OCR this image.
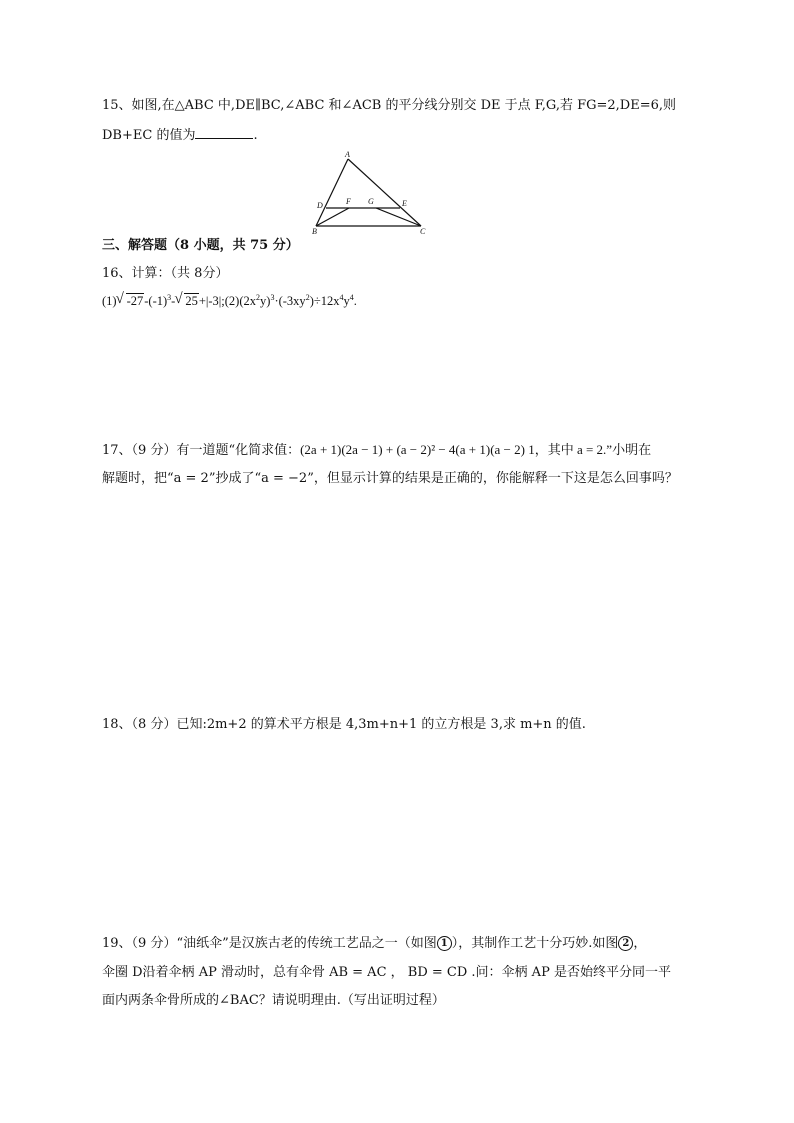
15、如图,在△ABC 中,DE∥BC,∠ABC 和∠ACB 的平分线分别交 DE 于点 F,G,若 FG=2,DE=6,则
DB+EC 的值为	.
A
D	F G	E
B	C
三、解答题（8 小题，共 75 分）
16、计算：（共 8分）
(1)√ $-27-(-1)^3-√$ $25+|-3|;(2)(2x^2y)^3\cdot(-3xy^2)\div 12x^4y^4$.
17、（9 分）有一道题“化简求值：(2a + 1)(2a − 1) + (a − 2)² − 4(a + 1)(a − 2) 1，其中 a = 2.”小明在
解题时，把“a = 2”抄成了“a = −2”，但显示计算的结果是正确的，你能解释一下这是怎么回事吗？
18、（8 分）已知:2m+2 的算术平方根是 4,3m+n+1 的立方根是 3,求 m+n 的值.
19、（9 分）“油纸伞”是汉族古老的传统工艺品之一（如图 1 ），其制作工艺十分巧妙.如图 2 ，
伞圈 D沿着伞柄 AP 滑动时，总有伞骨 AB = AC ， BD = CD .问：伞柄 AP 是否始终平分同一平
面内两条伞骨所成的∠BAC？请说明理由.（写出证明过程）
